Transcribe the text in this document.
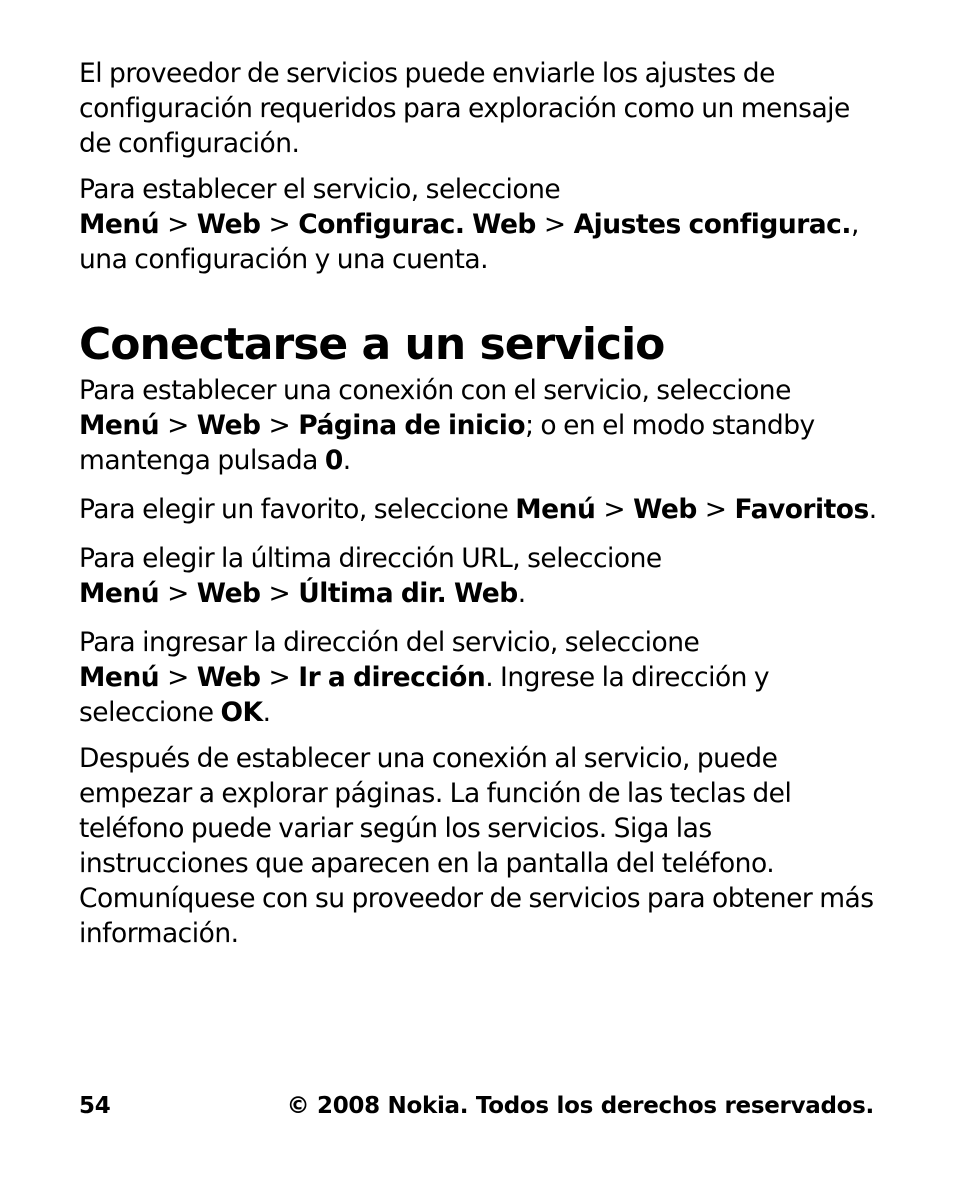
El proveedor de servicios puede enviarle los ajustes de configuración requeridos para exploración como un mensaje de configuración.

Para establecer el servicio, seleccione Menú > Web > Configurac. Web > Ajustes configurac., una configuración y una cuenta.

Conectarse a un servicio

Para establecer una conexión con el servicio, seleccione Menú > Web > Página de inicio; o en el modo standby mantenga pulsada 0.

Para elegir un favorito, seleccione Menú > Web > Favoritos.

Para elegir la última dirección URL, seleccione Menú > Web > Última dir. Web.

Para ingresar la dirección del servicio, seleccione Menú > Web > Ir a dirección. Ingrese la dirección y seleccione OK.

Después de establecer una conexión al servicio, puede empezar a explorar páginas. La función de las teclas del teléfono puede variar según los servicios. Siga las instrucciones que aparecen en la pantalla del teléfono. Comuníquese con su proveedor de servicios para obtener más información.

54	© 2008 Nokia. Todos los derechos reservados.
